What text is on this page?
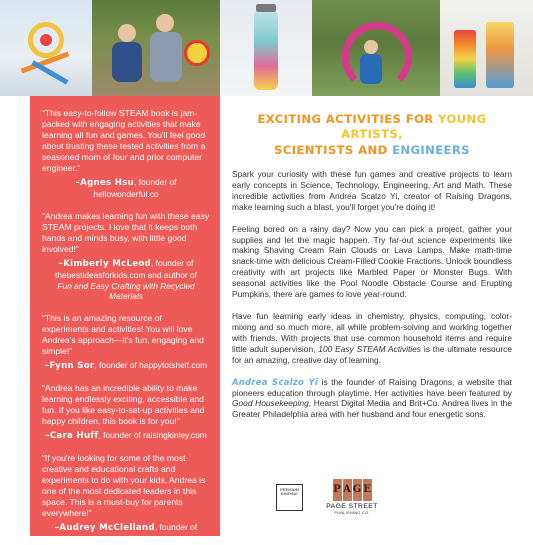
“This easy-to-follow STEAM book is jam-packed with engaging activities that make learning all fun and games. You'll feel good about trusting these tested activities from a seasoned mom of four and prior computer engineer.”

–Agnes Hsu, founder of hellowonderful.co

“Andrea makes learning fun with these easy STEAM projects. I love that it keeps both hands and minds busy, with little good involved!”

–Kimberly McLeod, founder of thebestideasforkids.com and author of
Fun and Easy Crafting with Recycled Materials

“This is an amazing resource of experiments and activities! You will love Andrea's approach—it's fun, engaging and simple!”

–Fynn Sor, founder of happytotshelf.com

“Andrea has an incredible ability to make learning endlessly exciting, accessible and fun. If you like easy-to-set-up activities and happy children, this book is for you!”

–Cara Huff, founder of raisingkinley.com

“If you're looking for some of the most creative and educational crafts and experiments to do with your kids, Andrea is one of the most dedicated leaders in this space. This is a must-buy for parents everywhere!”

–Audrey McClelland, founder of momgenerations.com
EXCITING ACTIVITIES FOR YOUNG ARTISTS,
SCIENTISTS AND ENGINEERS

Spark your curiosity with these fun games and creative projects to learn early concepts in Science, Technology, Engineering, Art and Math. These incredible activities from Andrea Scalzo Yi, creator of Raising Dragons, make learning such a blast, you'll forget you're doing it!

Feeling bored on a rainy day? Now you can pick a project, gather your supplies and let the magic happen. Try far-out science experiments like making Shaving Cream Rain Clouds or Lava Lamps. Make math-time snack-time with delicious Cream-Filled Cookie Fractions. Unlock boundless creativity with art projects like Marbled Paper or Monster Bugs. With seasonal activities like the Pool Noodle Obstacle Course and Erupting Pumpkins, there are games to love year-round.

Have fun learning early ideas in chemistry, physics, computing, color-mixing and so much more, all while problem-solving and working together with friends. With projects that use common household items and require little adult supervision, 100 Easy STEAM Activities is the ultimate resource for an amazing, creative day of learning.

Andrea Scalzo Yi is the founder of Raising Dragons, a website that pioneers education through playtime. Her activities have been featured by Good Housekeeping, Hearst Digital Media and Brit+Co. Andrea lives in the Greater Philadelphia area with her husband and four energetic sons.

PREMIUM
BINDING	P A G E
PAGE STREET
PUBLISHING CO.
